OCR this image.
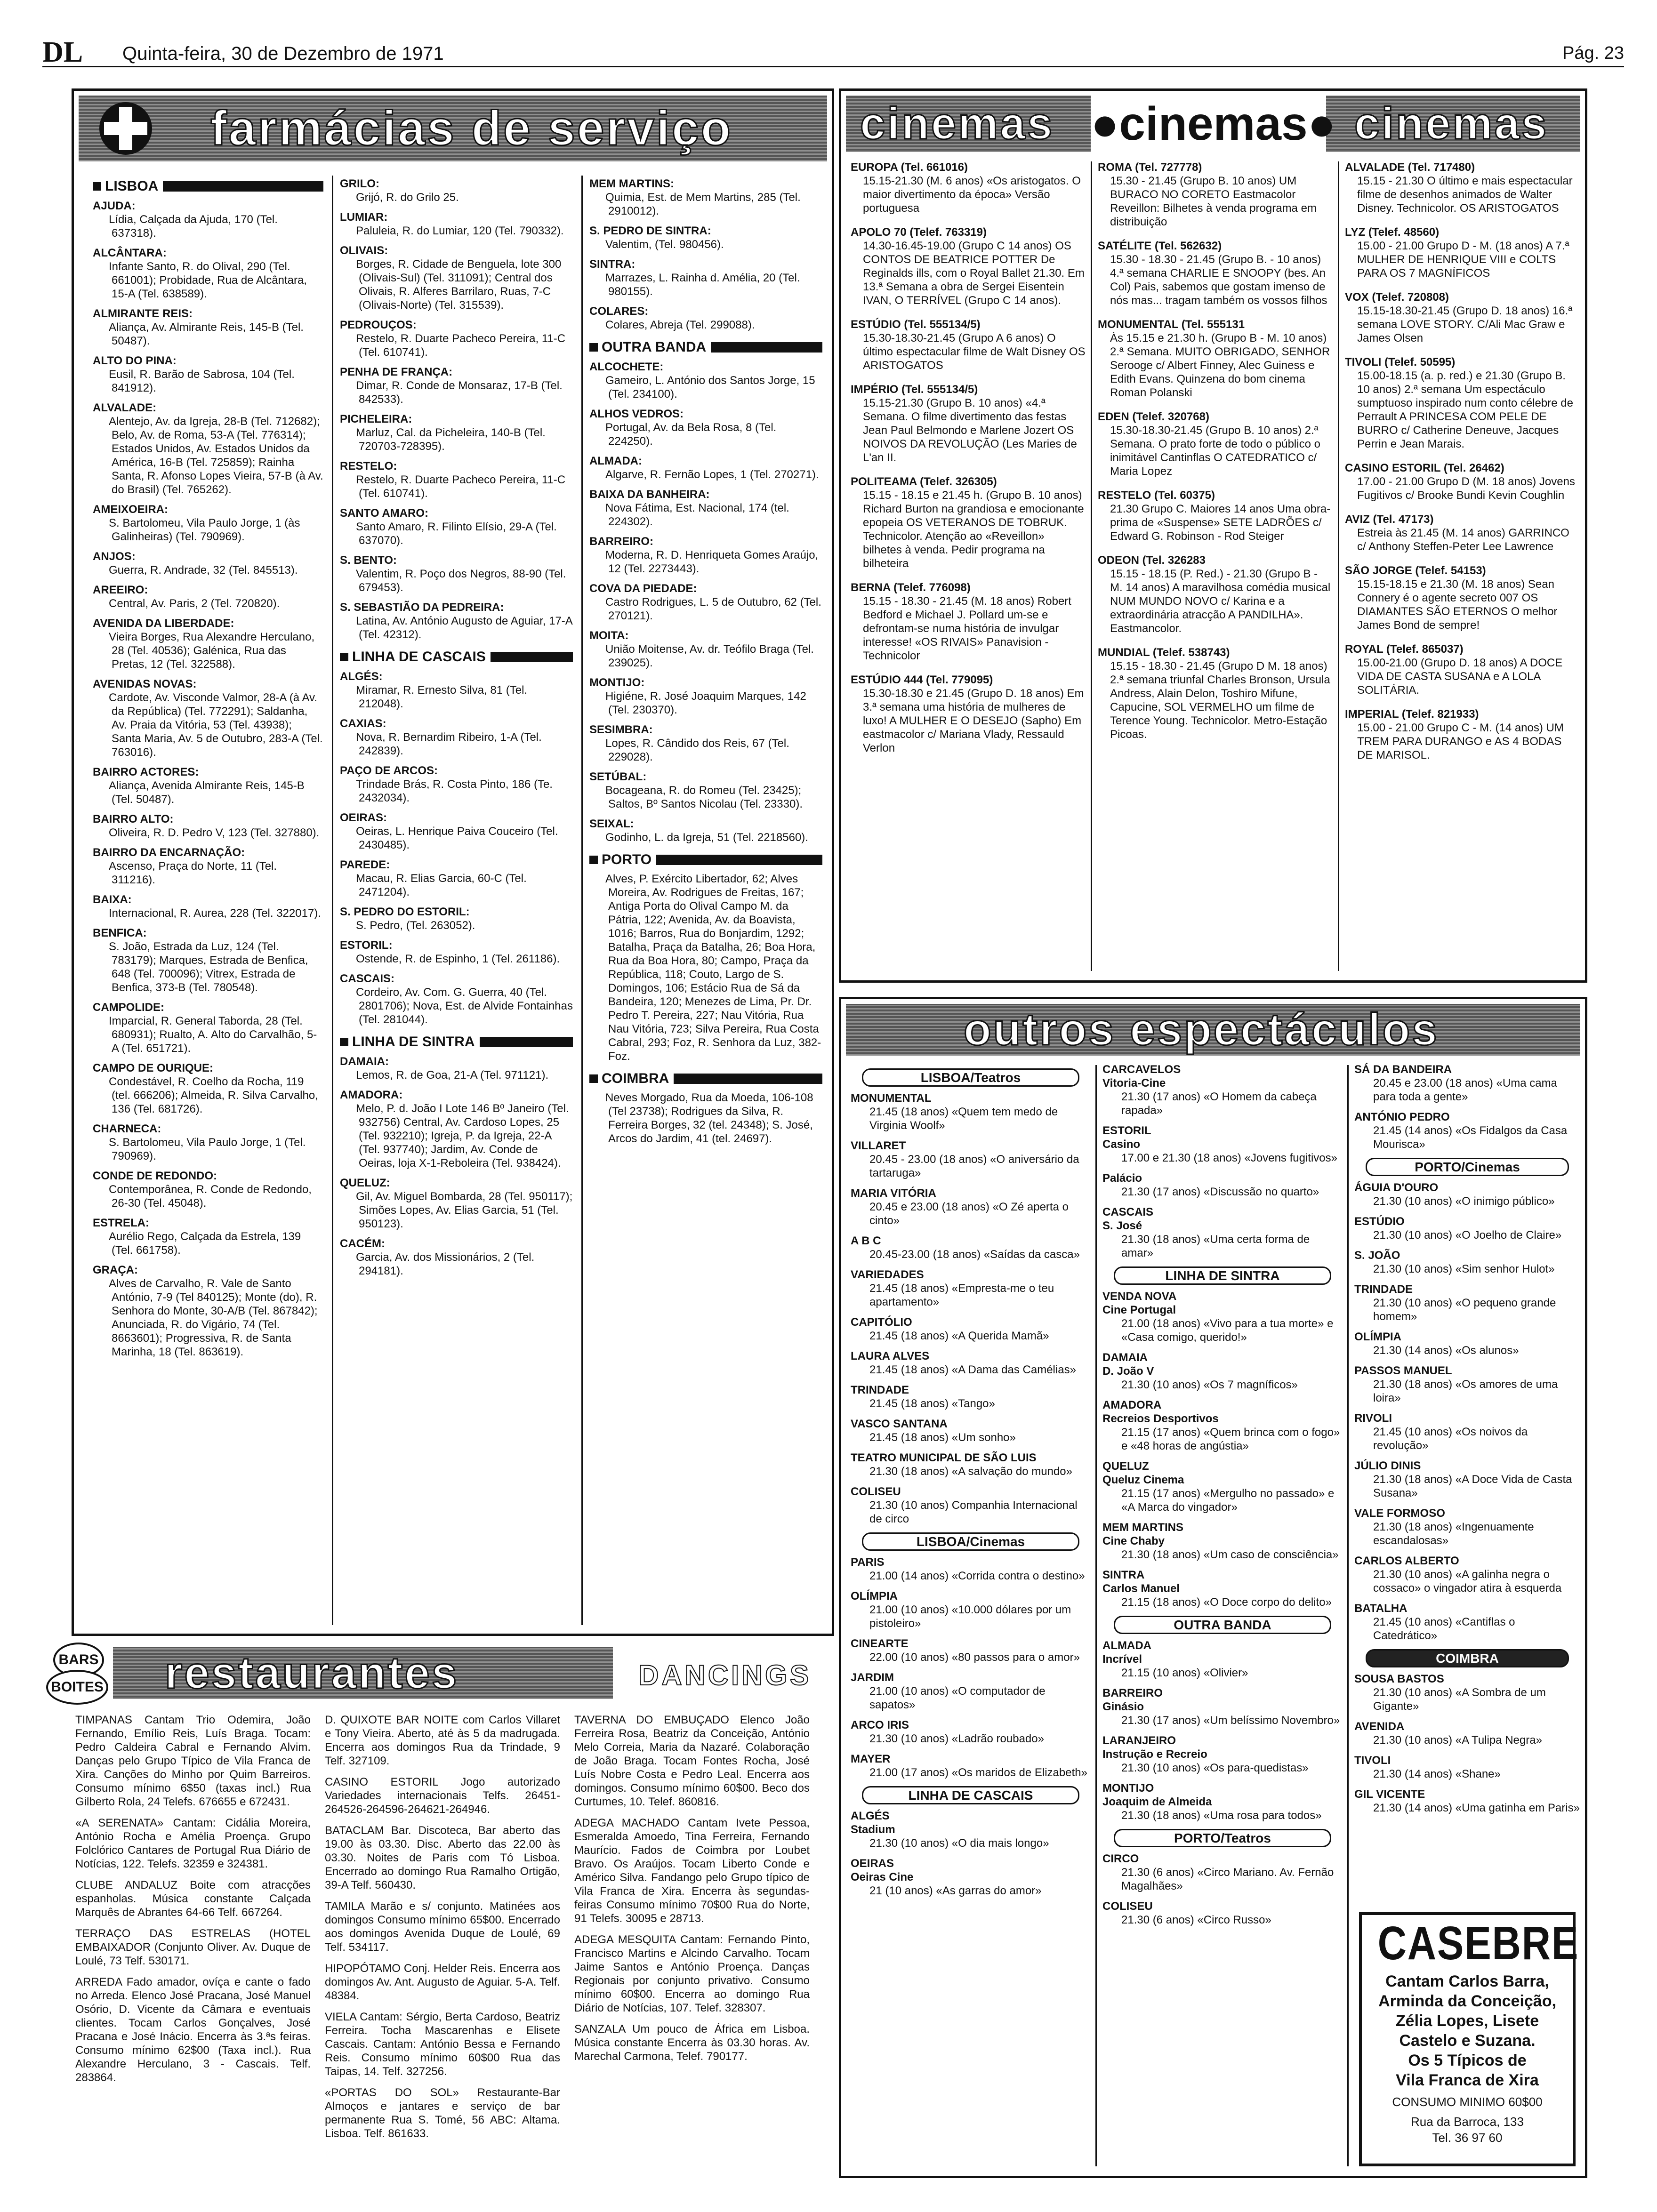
DL Quinta-feira, 30 de Dezembro de 1971	Pág. 23
farmácias de serviço
LISBOA
AJUDA:
Lídia, Calçada da Ajuda, 170 (Tel. 637318).
ALCÂNTARA:
Infante Santo, R. do Olival, 290 (Tel. 661001); Probidade, Rua de Alcântara, 15-A (Tel. 638589).
ALMIRANTE REIS:
Aliança, Av. Almirante Reis, 145-B (Tel. 50487).
ALTO DO PINA:
Eusil, R. Barão de Sabrosa, 104 (Tel. 841912).
ALVALADE:
Alentejo, Av. da Igreja, 28-B (Tel. 712682); Belo, Av. de Roma, 53-A (Tel. 776314); Estados Unidos, Av. Estados Unidos da América, 16-B (Tel. 725859); Rainha Santa, R. Afonso Lopes Vieira, 57-B (à Av. do Brasil) (Tel. 765262).
AMEIXOEIRA:
S. Bartolomeu, Vila Paulo Jorge, 1 (às Galinheiras) (Tel. 790969).
ANJOS:
Guerra, R. Andrade, 32 (Tel. 845513).
AREEIRO:
Central, Av. Paris, 2 (Tel. 720820).
AVENIDA DA LIBERDADE:
Vieira Borges, Rua Alexandre Herculano, 28 (Tel. 40536); Galénica, Rua das Pretas, 12 (Tel. 322588).
AVENIDAS NOVAS:
Cardote, Av. Visconde Valmor, 28-A (à Av. da República) (Tel. 772291); Saldanha, Av. Praia da Vitória, 53 (Tel. 43938); Santa Maria, Av. 5 de Outubro, 283-A (Tel. 763016).
BAIRRO ACTORES:
Aliança, Avenida Almirante Reis, 145-B (Tel. 50487).
BAIRRO ALTO:
Oliveira, R. D. Pedro V, 123 (Tel. 327880).
BAIRRO DA ENCARNAÇÃO:
Ascenso, Praça do Norte, 11 (Tel. 311216).
BAIXA:
Internacional, R. Aurea, 228 (Tel. 322017).
BENFICA:
S. João, Estrada da Luz, 124 (Tel. 783179); Marques, Estrada de Benfica, 648 (Tel. 700096); Vitrex, Estrada de Benfica, 373-B (Tel. 780548).
CAMPOLIDE:
Imparcial, R. General Taborda, 28 (Tel. 680931); Rualto, A. Alto do Carvalhão, 5-A (Tel. 651721).
CAMPO DE OURIQUE:
Condestável, R. Coelho da Rocha, 119 (tel. 666206); Almeida, R. Silva Carvalho, 136 (Tel. 681726).
CHARNECA:
S. Bartolomeu, Vila Paulo Jorge, 1 (Tel. 790969).
CONDE DE REDONDO:
Contemporânea, R. Conde de Redondo, 26-30 (Tel. 45048).
ESTRELA:
Aurélio Rego, Calçada da Estrela, 139 (Tel. 661758).
GRAÇA:
Alves de Carvalho, R. Vale de Santo António, 7-9 (Tel 840125); Monte (do), R. Senhora do Monte, 30-A/B (Tel. 867842); Anunciada, R. do Vigário, 74 (Tel. 8663601); Progressiva, R. de Santa Marinha, 18 (Tel. 863619).
GRILO:
Grijó, R. do Grilo 25.
LUMIAR:
Paluleia, R. do Lumiar, 120 (Tel. 790332).
OLIVAIS:
Borges, R. Cidade de Benguela, lote 300 (Olivais-Sul) (Tel. 311091); Central dos Olivais, R. Alferes Barrilaro, Ruas, 7-C (Olivais-Norte) (Tel. 315539).
PEDROUÇOS:
Restelo, R. Duarte Pacheco Pereira, 11-C (Tel. 610741).
PENHA DE FRANÇA:
Dimar, R. Conde de Monsaraz, 17-B (Tel. 842533).
PICHELEIRA:
Marluz, Cal. da Picheleira, 140-B (Tel. 720703-728395).
RESTELO:
Restelo, R. Duarte Pacheco Pereira, 11-C (Tel. 610741).
SANTO AMARO:
Santo Amaro, R. Filinto Elísio, 29-A (Tel. 637070).
S. BENTO:
Valentim, R. Poço dos Negros, 88-90 (Tel. 679453).
S. SEBASTIÃO DA PEDREIRA:
Latina, Av. António Augusto de Aguiar, 17-A (Tel. 42312).
LINHA DE CASCAIS
ALGÉS:
Miramar, R. Ernesto Silva, 81 (Tel. 212048).
CAXIAS:
Nova, R. Bernardim Ribeiro, 1-A (Tel. 242839).
PAÇO DE ARCOS:
Trindade Brás, R. Costa Pinto, 186 (Te. 2432034).
OEIRAS:
Oeiras, L. Henrique Paiva Couceiro (Tel. 2430485).
PAREDE:
Macau, R. Elias Garcia, 60-C (Tel. 2471204).
S. PEDRO DO ESTORIL:
S. Pedro, (Tel. 263052).
ESTORIL:
Ostende, R. de Espinho, 1 (Tel. 261186).
CASCAIS:
Cordeiro, Av. Com. G. Guerra, 40 (Tel. 2801706); Nova, Est. de Alvide Fontainhas (Tel. 281044).
LINHA DE SINTRA
DAMAIA:
Lemos, R. de Goa, 21-A (Tel. 971121).
AMADORA:
Melo, P. d. João I Lote 146 Bº Janeiro (Tel. 932756) Central, Av. Cardoso Lopes, 25 (Tel. 932210); Igreja, P. da Igreja, 22-A (Tel. 937740); Jardim, Av. Conde de Oeiras, loja X-1-Reboleira (Tel. 938424).
QUELUZ:
Gil, Av. Miguel Bombarda, 28 (Tel. 950117); Simões Lopes, Av. Elias Garcia, 51 (Tel. 950123).
CACÉM:
Garcia, Av. dos Missionários, 2 (Tel. 294181).
MEM MARTINS:
Quimia, Est. de Mem Martins, 285 (Tel. 2910012).
S. PEDRO DE SINTRA:
Valentim, (Tel. 980456).
SINTRA:
Marrazes, L. Rainha d. Amélia, 20 (Tel. 980155).
COLARES:
Colares, Abreja (Tel. 299088).
OUTRA BANDA
ALCOCHETE:
Gameiro, L. António dos Santos Jorge, 15 (Tel. 234100).
ALHOS VEDROS:
Portugal, Av. da Bela Rosa, 8 (Tel. 224250).
ALMADA:
Algarve, R. Fernão Lopes, 1 (Tel. 270271).
BAIXA DA BANHEIRA:
Nova Fátima, Est. Nacional, 174 (tel. 224302).
BARREIRO:
Moderna, R. D. Henriqueta Gomes Araújo, 12 (Tel. 2273443).
COVA DA PIEDADE:
Castro Rodrigues, L. 5 de Outubro, 62 (Tel. 270121).
MOITA:
União Moitense, Av. dr. Teófilo Braga (Tel. 239025).
MONTIJO:
Higiéne, R. José Joaquim Marques, 142 (Tel. 230370).
SESIMBRA:
Lopes, R. Cândido dos Reis, 67 (Tel. 229028).
SETÚBAL:
Bocageana, R. do Romeu (Tel. 23425); Saltos, Bº Santos Nicolau (Tel. 23330).
SEIXAL:
Godinho, L. da Igreja, 51 (Tel. 2218560).
PORTO
Alves, P. Exército Libertador, 62; Alves Moreira, Av. Rodrigues de Freitas, 167; Antiga Porta do Olival Campo M. da Pátria, 122; Avenida, Av. da Boavista, 1016; Barros, Rua do Bonjardim, 1292; Batalha, Praça da Batalha, 26; Boa Hora, Rua da Boa Hora, 80; Campo, Praça da República, 118; Couto, Largo de S. Domingos, 106; Estácio Rua de Sá da Bandeira, 120; Menezes de Lima, Pr. Dr. Pedro T. Pereira, 227; Nau Vitória, Rua Nau Vitória, 723; Silva Pereira, Rua Costa Cabral, 293; Foz, R. Senhora da Luz, 382-Foz.
COIMBRA
Neves Morgado, Rua da Moeda, 106-108 (Tel 23738); Rodrigues da Silva, R. Ferreira Borges, 32 (tel. 24348); S. José, Arcos do Jardim, 41 (tel. 24697).
cinemas ●cinemas● cinemas
EUROPA (Tel. 661016)
15.15-21.30 (M. 6 anos) «Os aristogatos. O maior divertimento da época» Versão portuguesa
APOLO 70 (Telef. 763319)
14.30-16.45-19.00 (Grupo C 14 anos) OS CONTOS DE BEATRICE POTTER De Reginalds ills, com o Royal Ballet 21.30. Em 13.ª Semana a obra de Sergei Eisentein IVAN, O TERRÍVEL (Grupo C 14 anos).
ESTÚDIO (Tel. 555134/5)
15.30-18.30-21.45 (Grupo A 6 anos) O último espectacular filme de Walt Disney OS ARISTOGATOS
IMPÉRIO (Tel. 555134/5)
15.15-21.30 (Grupo B. 10 anos) «4.ª Semana. O filme divertimento das festas Jean Paul Belmondo e Marlene Jozert OS NOIVOS DA REVOLUÇÃO (Les Maries de L'an II.
POLITEAMA (Telef. 326305)
15.15 - 18.15 e 21.45 h. (Grupo B. 10 anos) Richard Burton na grandiosa e emocionante epopeia OS VETERANOS DE TOBRUK. Technicolor. Atenção ao «Reveillon» bilhetes à venda. Pedir programa na bilheteira
BERNA (Telef. 776098)
15.15 - 18.30 - 21.45 (M. 18 anos) Robert Bedford e Michael J. Pollard um-se e defrontam-se numa história de invulgar interesse! «OS RIVAIS» Panavision - Technicolor
ESTÚDIO 444 (Tel. 779095)
15.30-18.30 e 21.45 (Grupo D. 18 anos) Em 3.ª semana uma história de mulheres de luxo! A MULHER E O DESEJO (Sapho) Em eastmacolor c/ Mariana Vlady, Ressauld Verlon
ROMA (Tel. 727778)
15.30 - 21.45 (Grupo B. 10 anos) UM BURACO NO CORETO Eastmacolor Reveillon: Bilhetes à venda programa em distribuição
SATÉLITE (Tel. 562632)
15.30 - 18.30 - 21.45 (Grupo B. - 10 anos) 4.ª semana CHARLIE E SNOOPY (bes. An Col) Pais, sabemos que gostam imenso de nós mas... tragam também os vossos filhos
MONUMENTAL (Tel. 555131
Às 15.15 e 21.30 h. (Grupo B - M. 10 anos) 2.ª Semana. MUITO OBRIGADO, SENHOR Serooge c/ Albert Finney, Alec Guiness e Edith Evans. Quinzena do bom cinema Roman Polanski
EDEN (Telef. 320768)
15.30-18.30-21.45 (Grupo B. 10 anos) 2.ª Semana. O prato forte de todo o público o inimitável Cantinflas O CATEDRATICO c/ Maria Lopez
RESTELO (Tel. 60375)
21.30 Grupo C. Maiores 14 anos Uma obra-prima de «Suspense» SETE LADRÕES c/ Edward G. Robinson - Rod Steiger
ODEON (Tel. 326283
15.15 - 18.15 (P. Red.) - 21.30 (Grupo B - M. 14 anos) A maravilhosa comédia musical NUM MUNDO NOVO c/ Karina e a extraordinária atracção A PANDILHA». Eastmancolor.
MUNDIAL (Telef. 538743)
15.15 - 18.30 - 21.45 (Grupo D M. 18 anos) 2.ª semana triunfal Charles Bronson, Ursula Andress, Alain Delon, Toshiro Mifune, Capucine, SOL VERMELHO um filme de Terence Young. Technicolor. Metro-Estação Picoas.
ALVALADE (Tel. 717480)
15.15 - 21.30 O último e mais espectacular filme de desenhos animados de Walter Disney. Technicolor. OS ARISTOGATOS
LYZ (Telef. 48560)
15.00 - 21.00 Grupo D - M. (18 anos) A 7.ª MULHER DE HENRIQUE VIII e COLTS PARA OS 7 MAGNÍFICOS
VOX (Telef. 720808)
15.15-18.30-21.45 (Grupo D. 18 anos) 16.ª semana LOVE STORY. C/Ali Mac Graw e James Olsen
TIVOLI (Telef. 50595)
15.00-18.15 (a. p. red.) e 21.30 (Grupo B. 10 anos) 2.ª semana Um espectáculo sumptuoso inspirado num conto célebre de Perrault A PRINCESA COM PELE DE BURRO c/ Catherine Deneuve, Jacques Perrin e Jean Marais.
CASINO ESTORIL (Tel. 26462)
17.00 - 21.00 Grupo D (M. 18 anos) Jovens Fugitivos c/ Brooke Bundi Kevin Coughlin
AVIZ (Tel. 47173)
Estreia às 21.45 (M. 14 anos) GARRINCO c/ Anthony Steffen-Peter Lee Lawrence
SÃO JORGE (Telef. 54153)
15.15-18.15 e 21.30 (M. 18 anos) Sean Connery é o agente secreto 007 OS DIAMANTES SÃO ETERNOS O melhor James Bond de sempre!
ROYAL (Telef. 865037)
15.00-21.00 (Grupo D. 18 anos) A DOCE VIDA DE CASTA SUSANA e A LOLA SOLITÁRIA.
IMPERIAL (Telef. 821933)
15.00 - 21.00 Grupo C - M. (14 anos) UM TREM PARA DURANGO e AS 4 BODAS DE MARISOL.
outros espectáculos
LISBOA/Teatros
MONUMENTAL
21.45 (18 anos) «Quem tem medo de Virginia Woolf»
VILLARET
20.45 - 23.00 (18 anos) «O aniversário da tartaruga»
MARIA VITÓRIA
20.45 e 23.00 (18 anos) «O Zé aperta o cinto»
A B C
20.45-23.00 (18 anos) «Saídas da casca»
VARIEDADES
21.45 (18 anos) «Empresta-me o teu apartamento»
CAPITÓLIO
21.45 (18 anos) «A Querida Mamã»
LAURA ALVES
21.45 (18 anos) «A Dama das Camélias»
TRINDADE
21.45 (18 anos) «Tango»
VASCO SANTANA
21.45 (18 anos) «Um sonho»
TEATRO MUNICIPAL DE SÃO LUIS
21.30 (18 anos) «A salvação do mundo»
COLISEU
21.30 (10 anos) Companhia Internacional de circo
LISBOA/Cinemas
PARIS
21.00 (14 anos) «Corrida contra o destino»
OLÍMPIA
21.00 (10 anos) «10.000 dólares por um pistoleiro»
CINEARTE
22.00 (10 anos) «80 passos para o amor»
JARDIM
21.00 (10 anos) «O computador de sapatos»
ARCO IRIS
21.30 (10 anos) «Ladrão roubado»
MAYER
21.00 (17 anos) «Os maridos de Elizabeth»
LINHA DE CASCAIS
ALGÉS
Stadium
21.30 (10 anos) «O dia mais longo»
OEIRAS
Oeiras Cine
21 (10 anos) «As garras do amor»
CARCAVELOS
Vitoria-Cine
21.30 (17 anos) «O Homem da cabeça rapada»
ESTORIL
Casino
17.00 e 21.30 (18 anos) «Jovens fugitivos»
Palácio
21.30 (17 anos) «Discussão no quarto»
CASCAIS
S. José
21.30 (18 anos) «Uma certa forma de amar»
LINHA DE SINTRA
VENDA NOVA
Cine Portugal
21.00 (18 anos) «Vivo para a tua morte» e «Casa comigo, querido!»
DAMAIA
D. João V
21.30 (10 anos) «Os 7 magníficos»
AMADORA
Recreios Desportivos
21.15 (17 anos) «Quem brinca com o fogo» e «48 horas de angústia»
QUELUZ
Queluz Cinema
21.15 (17 anos) «Mergulho no passado» e «A Marca do vingador»
MEM MARTINS
Cine Chaby
21.30 (18 anos) «Um caso de consciência»
SINTRA
Carlos Manuel
21.15 (18 anos) «O Doce corpo do delito»
OUTRA BANDA
ALMADA
Incrível
21.15 (10 anos) «Olivier»
BARREIRO
Ginásio
21.30 (17 anos) «Um belíssimo Novembro»
LARANJEIRO
Instrução e Recreio
21.30 (10 anos) «Os para-quedistas»
MONTIJO
Joaquim de Almeida
21.30 (18 anos) «Uma rosa para todos»
PORTO/Teatros
CIRCO
21.30 (6 anos) «Circo Mariano. Av. Fernão Magalhães»
COLISEU
21.30 (6 anos) «Circo Russo»
SÁ DA BANDEIRA
20.45 e 23.00 (18 anos) «Uma cama para toda a gente»
ANTÓNIO PEDRO
21.45 (14 anos) «Os Fidalgos da Casa Mourisca»
PORTO/Cinemas
ÁGUIA D'OURO
21.30 (10 anos) «O inimigo público»
ESTÚDIO
21.30 (10 anos) «O Joelho de Claire»
S. JOÃO
21.30 (10 anos) «Sim senhor Hulot»
TRINDADE
21.30 (10 anos) «O pequeno grande homem»
OLÍMPIA
21.30 (14 anos) «Os alunos»
PASSOS MANUEL
21.30 (18 anos) «Os amores de uma loira»
RIVOLI
21.45 (10 anos) «Os noivos da revolução»
JÚLIO DINIS
21.30 (18 anos) «A Doce Vida de Casta Susana»
VALE FORMOSO
21.30 (18 anos) «Ingenuamente escandalosas»
CARLOS ALBERTO
21.30 (10 anos) «A galinha negra o cossaco» o vingador atira à esquerda
BATALHA
21.45 (10 anos) «Cantiflas o Catedrático»
COIMBRA
SOUSA BASTOS
21.30 (10 anos) «A Sombra de um Gigante»
AVENIDA
21.30 (10 anos) «A Tulipa Negra»
TIVOLI
21.30 (14 anos) «Shane»
GIL VICENTE
21.30 (14 anos) «Uma gatinha em Paris»
CASEBRE
Cantam Carlos Barra,
Arminda da Conceição,
Zélia Lopes, Lisete Castelo e Suzana.
Os 5 Típicos de
Vila Franca de Xira
CONSUMO MINIMO 60$00
Rua da Barroca, 133
Tel. 36 97 60
BARS
BOITES restaurantes	DANCINGS

TIMPANAS Cantam Trio Odemira, João Fernando, Emílio Reis, Luís Braga. Tocam: Pedro Caldeira Cabral e Fernando Alvim. Danças pelo Grupo Típico de Vila Franca de Xira. Canções do Minho por Quim Barreiros. Consumo mínimo 6$50 (taxas incl.) Rua Gilberto Rola, 24 Telefs. 676655 e 672431.

«A SERENATA» Cantam: Cidália Moreira, António Rocha e Amélia Proença. Grupo Folclórico Cantares de Portugal Rua Diário de Notícias, 122. Telefs. 32359 e 324381.

CLUBE ANDALUZ Boite com atracções espanholas. Música constante Calçada Marquês de Abrantes 64-66 Telf. 667264.

TERRAÇO DAS ESTRELAS (HOTEL EMBAIXADOR (Conjunto Oliver. Av. Duque de Loulé, 73 Telf. 530171.

ARREDA Fado amador, ovíça e cante o fado no Arreda. Elenco José Pracana, José Manuel Osório, D. Vicente da Câmara e eventuais clientes. Tocam Carlos Gonçalves, José Pracana e José Inácio. Encerra às 3.ªs feiras. Consumo mínimo 62$00 (Taxa incl.). Rua Alexandre Herculano, 3 - Cascais. Telf. 283864.

D. QUIXOTE BAR NOITE com Carlos Villaret e Tony Vieira. Aberto, até às 5 da madrugada. Encerra aos domingos Rua da Trindade, 9 Telf. 327109.

CASINO ESTORIL Jogo autorizado Variedades internacionais Telfs. 26451-264526-264596-264621-264946.

BATACLAM Bar. Discoteca, Bar aberto das 19.00 às 03.30. Disc. Aberto das 22.00 às 03.30. Noites de Paris com Tó Lisboa. Encerrado ao domingo Rua Ramalho Ortigão, 39-A Telf. 560430.

TAMILA Marão e s/ conjunto. Matinées aos domingos Consumo mínimo 65$00. Encerrado aos domingos Avenida Duque de Loulé, 69 Telf. 534117.

HIPOPÓTAMO Conj. Helder Reis. Encerra aos domingos Av. Ant. Augusto de Aguiar. 5-A. Telf. 48384.

VIELA Cantam: Sérgio, Berta Cardoso, Beatriz Ferreira. Tocha Mascarenhas e Elisete Cascais. Cantam: António Bessa e Fernando Reis. Consumo mínimo 60$00 Rua das Taipas, 14. Telf. 327256.

«PORTAS DO SOL» Restaurante-Bar Almoços e jantares e serviço de bar permanente Rua S. Tomé, 56 ABC: Altama. Lisboa. Telf. 861633.

TAVERNA DO EMBUÇADO Elenco João Ferreira Rosa, Beatriz da Conceição, António Melo Correia, Maria da Nazaré. Colaboração de João Braga. Tocam Fontes Rocha, José Luís Nobre Costa e Pedro Leal. Encerra aos domingos. Consumo mínimo 60$00. Beco dos Curtumes, 10. Telef. 860816.

ADEGA MACHADO Cantam Ivete Pessoa, Esmeralda Amoedo, Tina Ferreira, Fernando Maurício. Fados de Coimbra por Loubet Bravo. Os Araújos. Tocam Liberto Conde e Américo Silva. Fandango pelo Grupo típico de Vila Franca de Xira. Encerra às segundas-feiras Consumo mínimo 70$00 Rua do Norte, 91 Telefs. 30095 e 28713.

ADEGA MESQUITA Cantam: Fernando Pinto, Francisco Martins e Alcindo Carvalho. Tocam Jaime Santos e António Proença. Danças Regionais por conjunto privativo. Consumo mínimo 60$00. Encerra ao domingo Rua Diário de Notícias, 107. Telef. 328307.

SANZALA Um pouco de África em Lisboa. Música constante Encerra às 03.30 horas. Av. Marechal Carmona, Telef. 790177.
